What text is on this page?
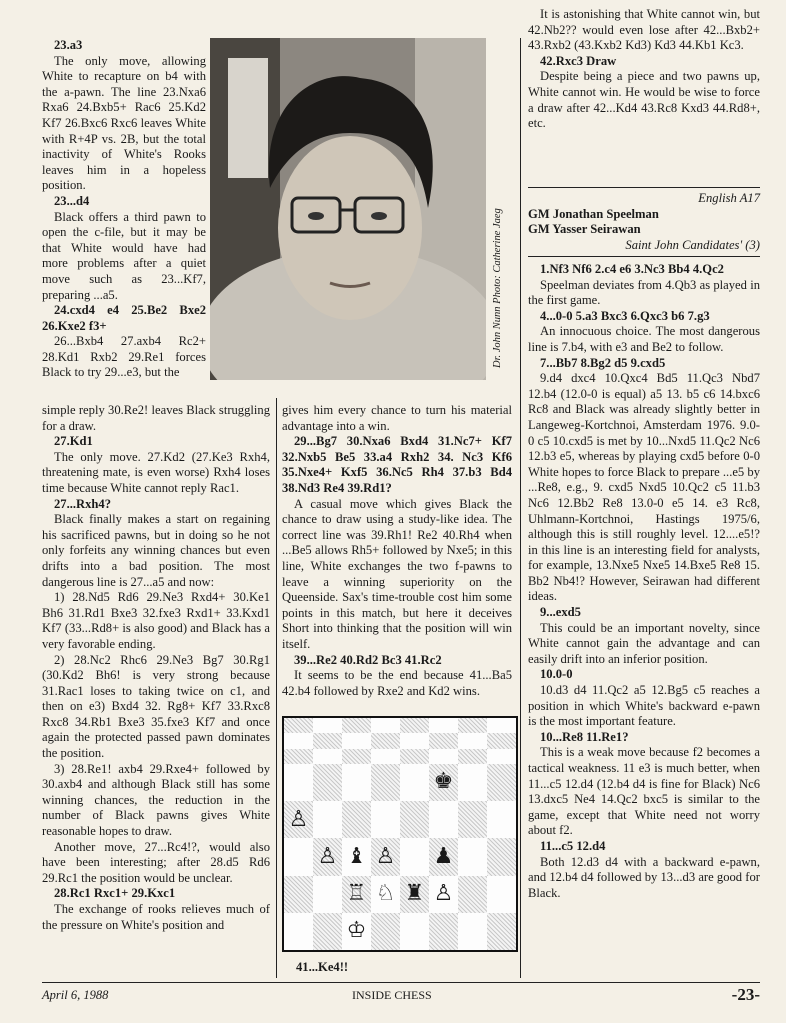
23.a3

The only move, allowing White to recapture on b4 with the a-pawn. The line 23.Nxa6 Rxa6 24.Bxb5+ Rac6 25.Kd2 Kf7 26.Bxc6 Rxc6 leaves White with R+4P vs. 2B, but the total inactivity of White's Rooks leaves him in a hopeless position.

23...d4

Black offers a third pawn to open the c-file, but it may be that White would have had more problems after a quiet move such as 23...Kf7, preparing ...a5.

24.cxd4 e4 25.Be2 Bxe2 26.Kxe2 f3+

26...Bxb4 27.axb4 Rc2+ 28.Kd1 Rxb2 29.Re1 forces Black to try 29...e3, but the

Dr. John Nunn Photo: Catherine Jaeg

simple reply 30.Re2! leaves Black struggling for a draw.

27.Kd1

The only move. 27.Kd2 (27.Ke3 Rxh4, threatening mate, is even worse) Rxh4 loses time because White cannot reply Rac1.

27...Rxh4?

Black finally makes a start on regaining his sacrificed pawns, but in doing so he not only forfeits any winning chances but even drifts into a bad position. The most dangerous line is 27...a5 and now:

1) 28.Nd5 Rd6 29.Ne3 Rxd4+ 30.Ke1 Bh6 31.Rd1 Bxe3 32.fxe3 Rxd1+ 33.Kxd1 Kf7 (33...Rd8+ is also good) and Black has a very favorable ending.

2) 28.Nc2 Rhc6 29.Ne3 Bg7 30.Rg1 (30.Kd2 Bh6! is very strong because 31.Rac1 loses to taking twice on c1, and then on e3) Bxd4 32. Rg8+ Kf7 33.Rxc8 Rxc8 34.Rb1 Bxe3 35.fxe3 Kf7 and once again the protected passed pawn dominates the position.

3) 28.Re1! axb4 29.Rxe4+ followed by 30.axb4 and although Black still has some winning chances, the reduction in the number of Black pawns gives White reasonable hopes to draw.

Another move, 27...Rc4!?, would also have been interesting; after 28.d5 Rd6 29.Rc1 the position would be unclear.

28.Rc1 Rxc1+ 29.Kxc1

The exchange of rooks relieves much of the pressure on White's position and

gives him every chance to turn his material advantage into a win.

29...Bg7 30.Nxa6 Bxd4 31.Nc7+ Kf7 32.Nxb5 Be5 33.a4 Rxh2 34. Nc3 Kf6 35.Nxe4+ Kxf5 36.Nc5 Rh4 37.b3 Bd4 38.Nd3 Re4 39.Rd1?

A casual move which gives Black the chance to draw using a study-like idea. The correct line was 39.Rh1! Re2 40.Rh4 when ...Be5 allows Rh5+ followed by Nxe5; in this line, White exchanges the two f-pawns to leave a winning superiority on the Queenside. Sax's time-trouble cost him some points in this match, but here it deceives Short into thinking that the position will win itself.

39...Re2 40.Rd2 Bc3 41.Rc2

It seems to be the end because 41...Ba5 42.b4 followed by Rxe2 and Kd2 wins.

♚
♙
♙ ♝ ♙ ♟
♖ ♘ ♜ ♙
♔
41...Ke4!!

It is astonishing that White cannot win, but 42.Nb2?? would even lose after 42...Bxb2+ 43.Rxb2 (43.Kxb2 Kd3) Kd3 44.Kb1 Kc3.

42.Rxc3 Draw

Despite being a piece and two pawns up, White cannot win. He would be wise to force a draw after 42...Kd4 43.Rc8 Kxd3 44.Rd8+, etc.

English A17
GM Jonathan Speelman
GM Yasser Seirawan
Saint John Candidates' (3)

1.Nf3 Nf6 2.c4 e6 3.Nc3 Bb4 4.Qc2

Speelman deviates from 4.Qb3 as played in the first game.

4...0-0 5.a3 Bxc3 6.Qxc3 b6 7.g3

An innocuous choice. The most dangerous line is 7.b4, with e3 and Be2 to follow.

7...Bb7 8.Bg2 d5 9.cxd5

9.d4 dxc4 10.Qxc4 Bd5 11.Qc3 Nbd7 12.b4 (12.0-0 is equal) a5 13. b5 c6 14.bxc6 Rc8 and Black was already slightly better in Langeweg-Kortchnoi, Amsterdam 1976. 9.0-0 c5 10.cxd5 is met by 10...Nxd5 11.Qc2 Nc6 12.b3 e5, whereas by playing cxd5 before 0-0 White hopes to force Black to prepare ...e5 by ...Re8, e.g., 9. cxd5 Nxd5 10.Qc2 c5 11.b3 Nc6 12.Bb2 Re8 13.0-0 e5 14. e3 Rc8, Uhlmann-Kortchnoi, Hastings 1975/6, although this is still roughly level. 12....e5!? in this line is an interesting field for analysts, for example, 13.Nxe5 Nxe5 14.Bxe5 Re8 15. Bb2 Nb4!? However, Seirawan had different ideas.

9...exd5

This could be an important novelty, since White cannot gain the advantage and can easily drift into an inferior position.

10.0-0

10.d3 d4 11.Qc2 a5 12.Bg5 c5 reaches a position in which White's backward e-pawn is the most important feature.

10...Re8 11.Re1?

This is a weak move because f2 becomes a tactical weakness. 11 e3 is much better, when 11...c5 12.d4 (12.b4 d4 is fine for Black) Nc6 13.dxc5 Ne4 14.Qc2 bxc5 is similar to the game, except that White need not worry about f2.

11...c5 12.d4

Both 12.d3 d4 with a backward e-pawn, and 12.b4 d4 followed by 13...d3 are good for Black.

April 6, 1988	INSIDE CHESS	-23-
